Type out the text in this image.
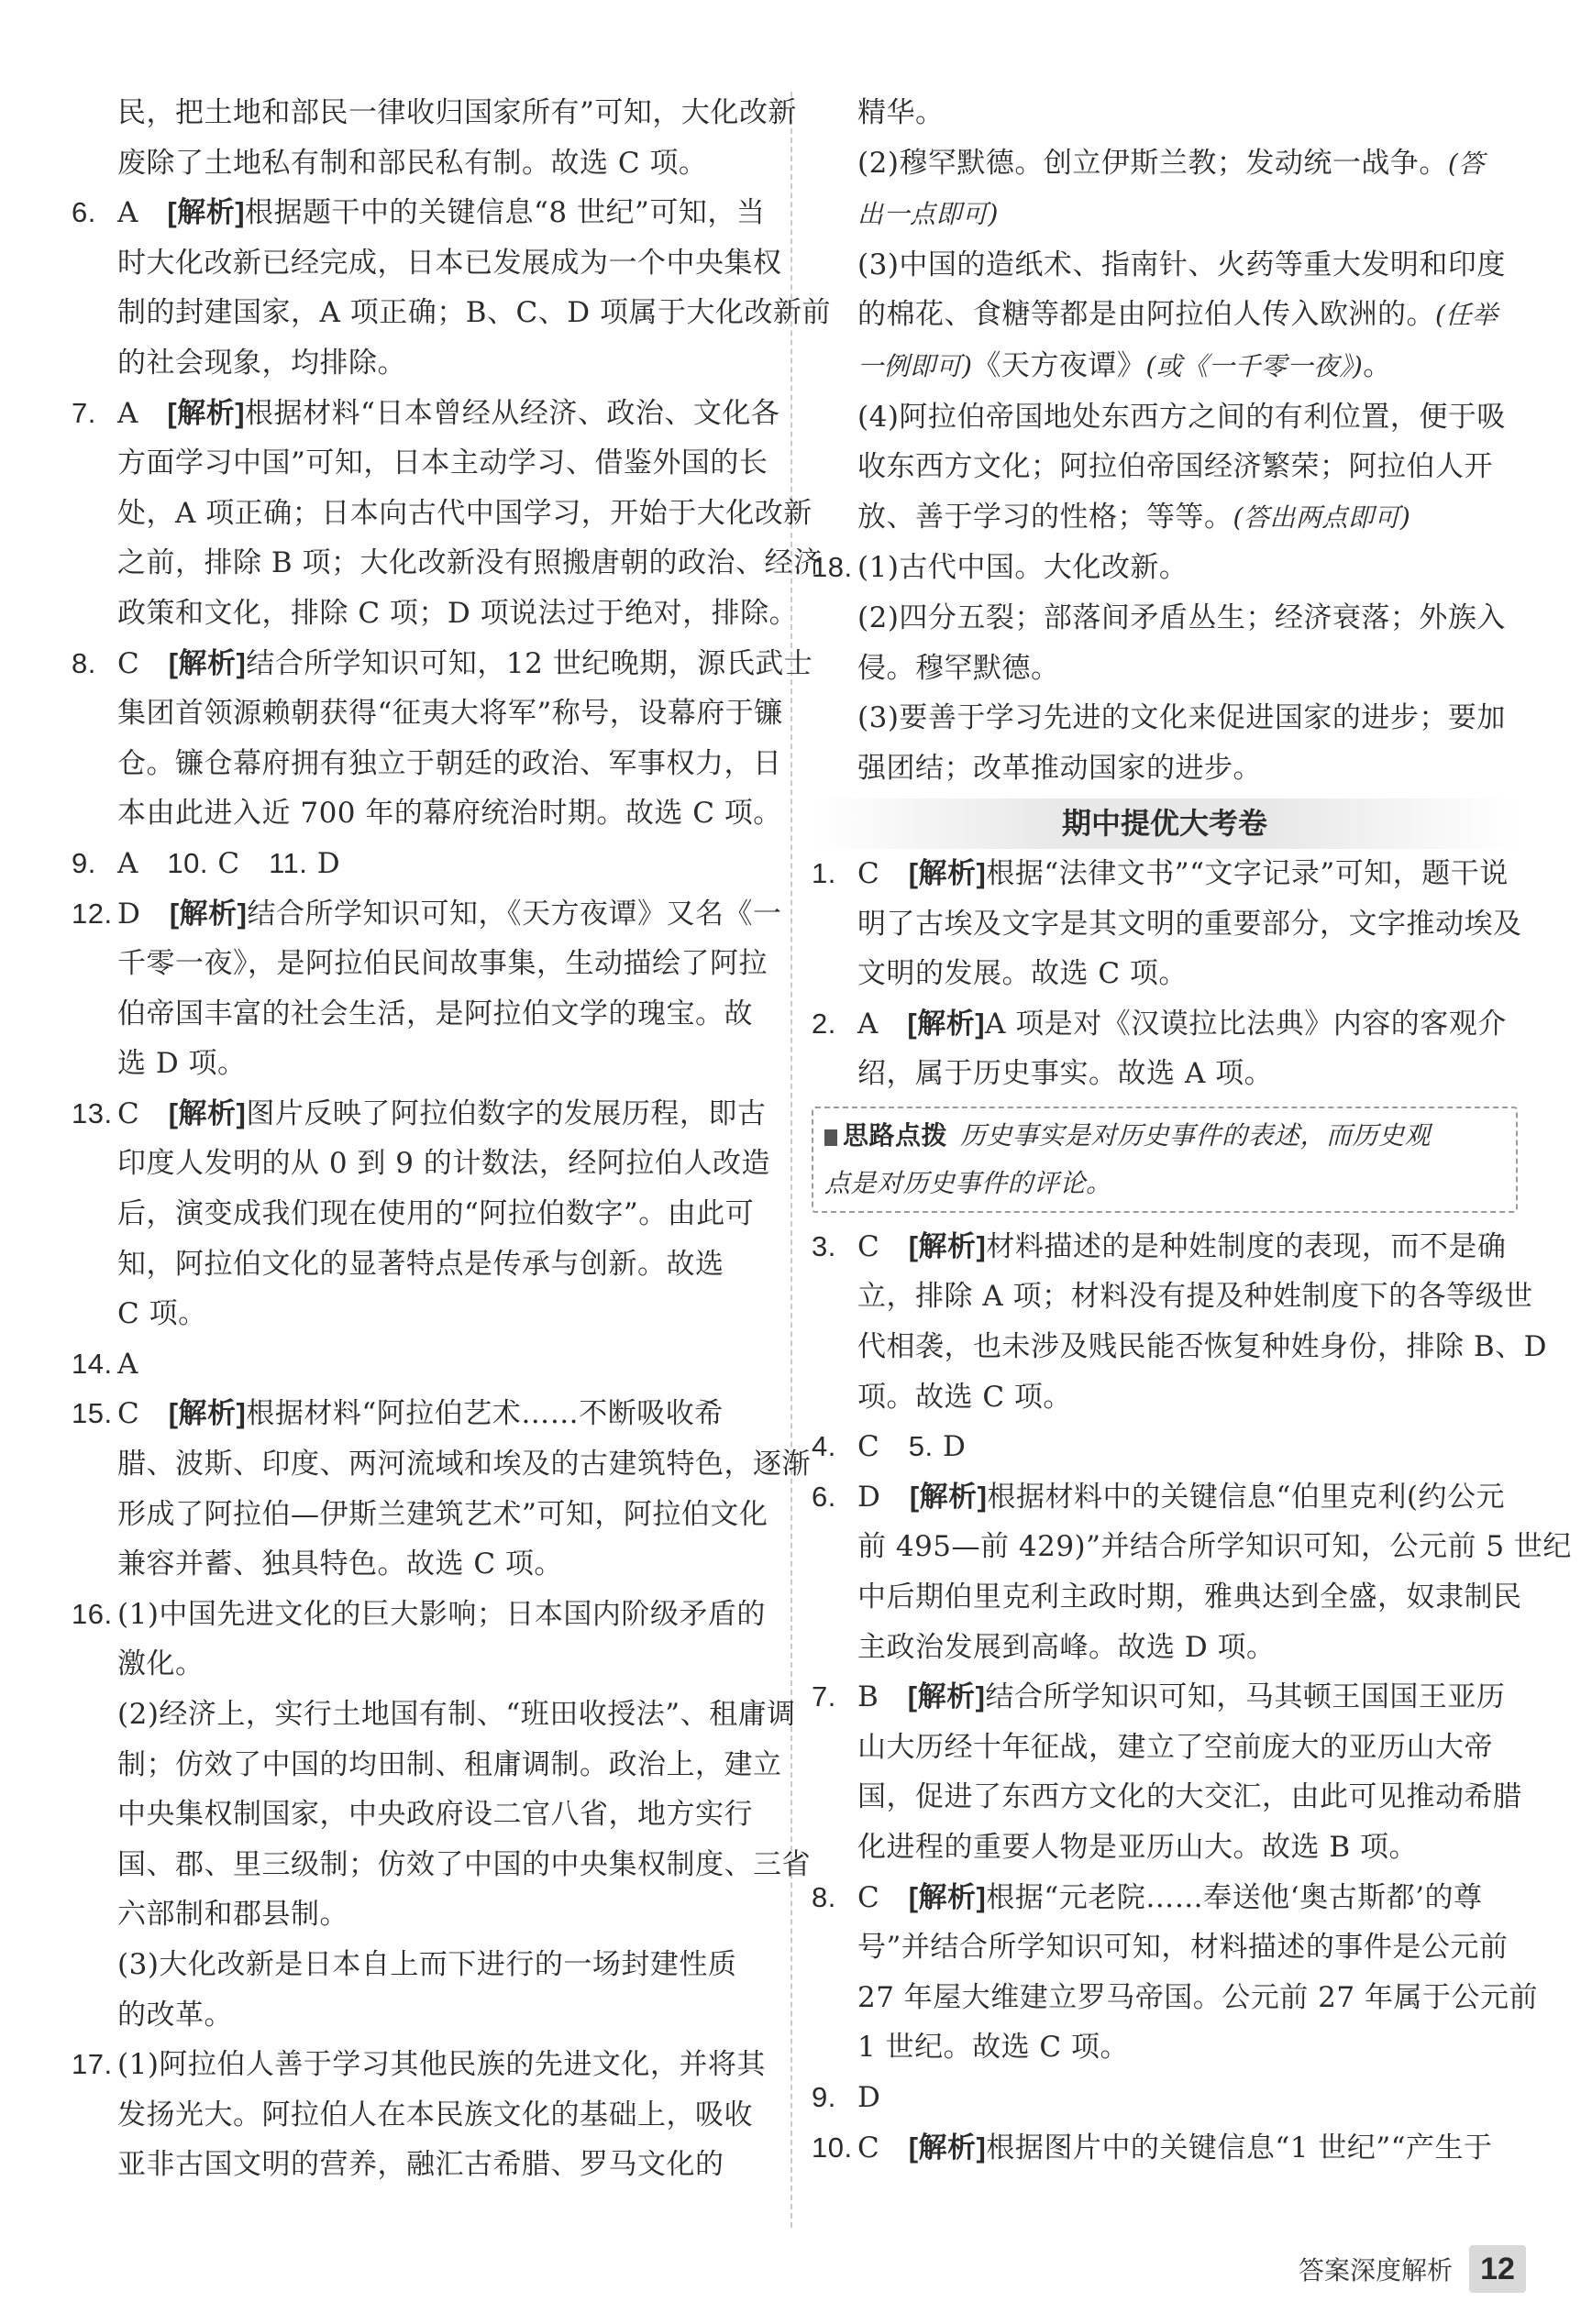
民，把土地和部民一律收归国家所有”可知，大化改新
废除了土地私有制和部民私有制。故选 C 项。
6. A　[解析]根据题干中的关键信息“8 世纪”可知，当
时大化改新已经完成，日本已发展成为一个中央集权
制的封建国家，A 项正确；B、C、D 项属于大化改新前
的社会现象，均排除。
7. A　[解析]根据材料“日本曾经从经济、政治、文化各
方面学习中国”可知，日本主动学习、借鉴外国的长
处，A 项正确；日本向古代中国学习，开始于大化改新
之前，排除 B 项；大化改新没有照搬唐朝的政治、经济
政策和文化，排除 C 项；D 项说法过于绝对，排除。
8. C　[解析]结合所学知识可知，12 世纪晚期，源氏武士
集团首领源赖朝获得“征夷大将军”称号，设幕府于镰
仓。镰仓幕府拥有独立于朝廷的政治、军事权力，日
本由此进入近 700 年的幕府统治时期。故选 C 项。
9. A　10. C　11. D
12. D　[解析]结合所学知识可知，《天方夜谭》又名《一
千零一夜》，是阿拉伯民间故事集，生动描绘了阿拉
伯帝国丰富的社会生活，是阿拉伯文学的瑰宝。故
选 D 项。
13. C　[解析]图片反映了阿拉伯数字的发展历程，即古
印度人发明的从 0 到 9 的计数法，经阿拉伯人改造
后，演变成我们现在使用的“阿拉伯数字”。由此可
知，阿拉伯文化的显著特点是传承与创新。故选
C 项。
14. A
15. C　[解析]根据材料“阿拉伯艺术……不断吸收希
腊、波斯、印度、两河流域和埃及的古建筑特色，逐渐
形成了阿拉伯—伊斯兰建筑艺术”可知，阿拉伯文化
兼容并蓄、独具特色。故选 C 项。
16. (1)中国先进文化的巨大影响；日本国内阶级矛盾的
激化。
(2)经济上，实行土地国有制、“班田收授法”、租庸调
制；仿效了中国的均田制、租庸调制。政治上，建立
中央集权制国家，中央政府设二官八省，地方实行
国、郡、里三级制；仿效了中国的中央集权制度、三省
六部制和郡县制。
(3)大化改新是日本自上而下进行的一场封建性质
的改革。
17. (1)阿拉伯人善于学习其他民族的先进文化，并将其
发扬光大。阿拉伯人在本民族文化的基础上，吸收
亚非古国文明的营养，融汇古希腊、罗马文化的
精华。
(2)穆罕默德。创立伊斯兰教；发动统一战争。(答
出一点即可)
(3)中国的造纸术、指南针、火药等重大发明和印度
的棉花、食糖等都是由阿拉伯人传入欧洲的。(任举
一例即可)《天方夜谭》(或《一千零一夜》)。
(4)阿拉伯帝国地处东西方之间的有利位置，便于吸
收东西方文化；阿拉伯帝国经济繁荣；阿拉伯人开
放、善于学习的性格；等等。(答出两点即可)
18. (1)古代中国。大化改新。
(2)四分五裂；部落间矛盾丛生；经济衰落；外族入
侵。穆罕默德。
(3)要善于学习先进的文化来促进国家的进步；要加
强团结；改革推动国家的进步。
期中提优大考卷
1. C　[解析]根据“法律文书”“文字记录”可知，题干说
明了古埃及文字是其文明的重要部分，文字推动埃及
文明的发展。故选 C 项。
2. A　[解析]A 项是对《汉谟拉比法典》内容的客观介
绍，属于历史事实。故选 A 项。
思路点拨 历史事实是对历史事件的表述，而历史观
点是对历史事件的评论。
3. C　[解析]材料描述的是种姓制度的表现，而不是确
立，排除 A 项；材料没有提及种姓制度下的各等级世
代相袭，也未涉及贱民能否恢复种姓身份，排除 B、D
项。故选 C 项。
4. C　5. D
6. D　[解析]根据材料中的关键信息“伯里克利(约公元
前 495—前 429)”并结合所学知识可知，公元前 5 世纪
中后期伯里克利主政时期，雅典达到全盛，奴隶制民
主政治发展到高峰。故选 D 项。
7. B　[解析]结合所学知识可知，马其顿王国国王亚历
山大历经十年征战，建立了空前庞大的亚历山大帝
国，促进了东西方文化的大交汇，由此可见推动希腊
化进程的重要人物是亚历山大。故选 B 项。
8. C　[解析]根据“元老院……奉送他‘奥古斯都’的尊
号”并结合所学知识可知，材料描述的事件是公元前
27 年屋大维建立罗马帝国。公元前 27 年属于公元前
1 世纪。故选 C 项。
9. D
10. C　[解析]根据图片中的关键信息“1 世纪”“产生于
答案深度解析 12
